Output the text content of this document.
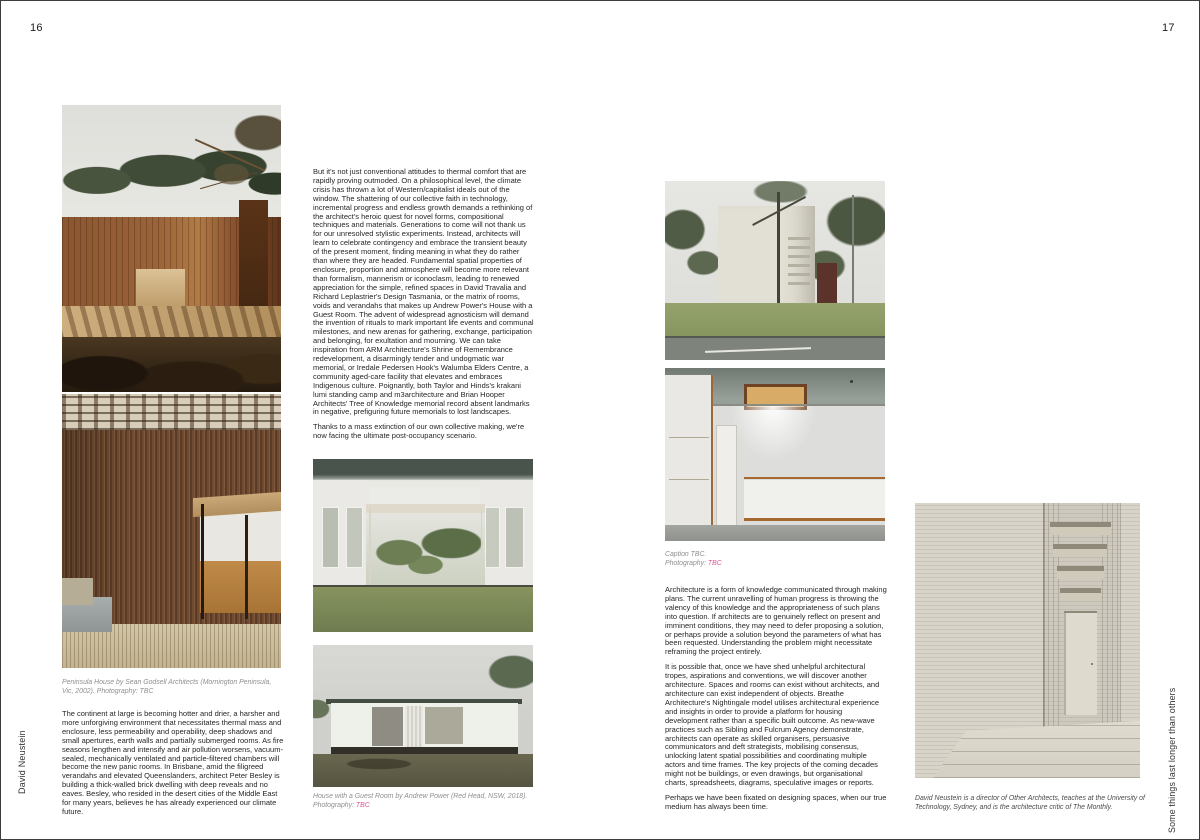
16	17
David Neustein	Some things last longer than others
Peninsula House by Sean Godsell Architects (Mornington Peninsula, Vic, 2002). Photography: TBC

The continent at large is becoming hotter and drier, a harsher and more unforgiving environment that necessitates thermal mass and enclosure, less permeability and operability, deep shadows and small apertures, earth walls and partially submerged rooms. As fire seasons lengthen and intensify and air pollution worsens, vacuum-sealed, mechanically ventilated and particle-filtered chambers will become the new panic rooms. In Brisbane, amid the filigreed verandahs and elevated Queenslanders, architect Peter Besley is building a thick-walled brick dwelling with deep reveals and no eaves. Besley, who resided in the desert cities of the Middle East for many years, believes he has already experienced our climate future.

But it's not just conventional attitudes to thermal comfort that are rapidly proving outmoded. On a philosophical level, the climate crisis has thrown a lot of Western/capitalist ideals out of the window. The shattering of our collective faith in technology, incremental progress and endless growth demands a rethinking of the architect's heroic quest for novel forms, compositional techniques and materials. Generations to come will not thank us for our unresolved stylistic experiments. Instead, architects will learn to celebrate contingency and embrace the transient beauty of the present moment, finding meaning in what they do rather than where they are headed. Fundamental spatial properties of enclosure, proportion and atmosphere will become more relevant than formalism, mannerism or iconoclasm, leading to renewed appreciation for the simple, refined spaces in David Travalia and Richard Leplastrier's Design Tasmania, or the matrix of rooms, voids and verandahs that makes up Andrew Power's House with a Guest Room. The advent of widespread agnosticism will demand the invention of rituals to mark important life events and communal milestones, and new arenas for gathering, exchange, participation and belonging, for exultation and mourning. We can take inspiration from ARM Architecture's Shrine of Remembrance redevelopment, a disarmingly tender and undogmatic war memorial, or Iredale Pedersen Hook's Walumba Elders Centre, a community aged-care facility that elevates and embraces Indigenous culture. Poignantly, both Taylor and Hinds's krakani lumi standing camp and m3architecture and Brian Hooper Architects' Tree of Knowledge memorial record absent landmarks in negative, prefiguring future memorials to lost landscapes.

Thanks to a mass extinction of our own collective making, we're now facing the ultimate post-occupancy scenario.

House with a Guest Room by Andrew Power (Red Head, NSW, 2018).
Photography: TBC
Caption TBC.
Photography: TBC

Architecture is a form of knowledge communicated through making plans. The current unravelling of human progress is throwing the valency of this knowledge and the appropriateness of such plans into question. If architects are to genuinely reflect on present and imminent conditions, they may need to defer proposing a solution, or perhaps provide a solution beyond the parameters of what has been requested. Understanding the problem might necessitate reframing the project entirely.

It is possible that, once we have shed unhelpful architectural tropes, aspirations and conventions, we will discover another architecture. Spaces and rooms can exist without architects, and architecture can exist independent of objects. Breathe Architecture's Nightingale model utilises architectural experience and insights in order to provide a platform for housing development rather than a specific built outcome. As new-wave practices such as Sibling and Fulcrum Agency demonstrate, architects can operate as skilled organisers, persuasive communicators and deft strategists, mobilising consensus, unlocking latent spatial possibilities and coordinating multiple actors and time frames. The key projects of the coming decades might not be buildings, or even drawings, but organisational charts, spreadsheets, diagrams, speculative images or reports.

Perhaps we have been fixated on designing spaces, when our true medium has always been time.

David Neustein is a director of Other Architects, teaches at the University of Technology, Sydney, and is the architecture critic of The Monthly.
